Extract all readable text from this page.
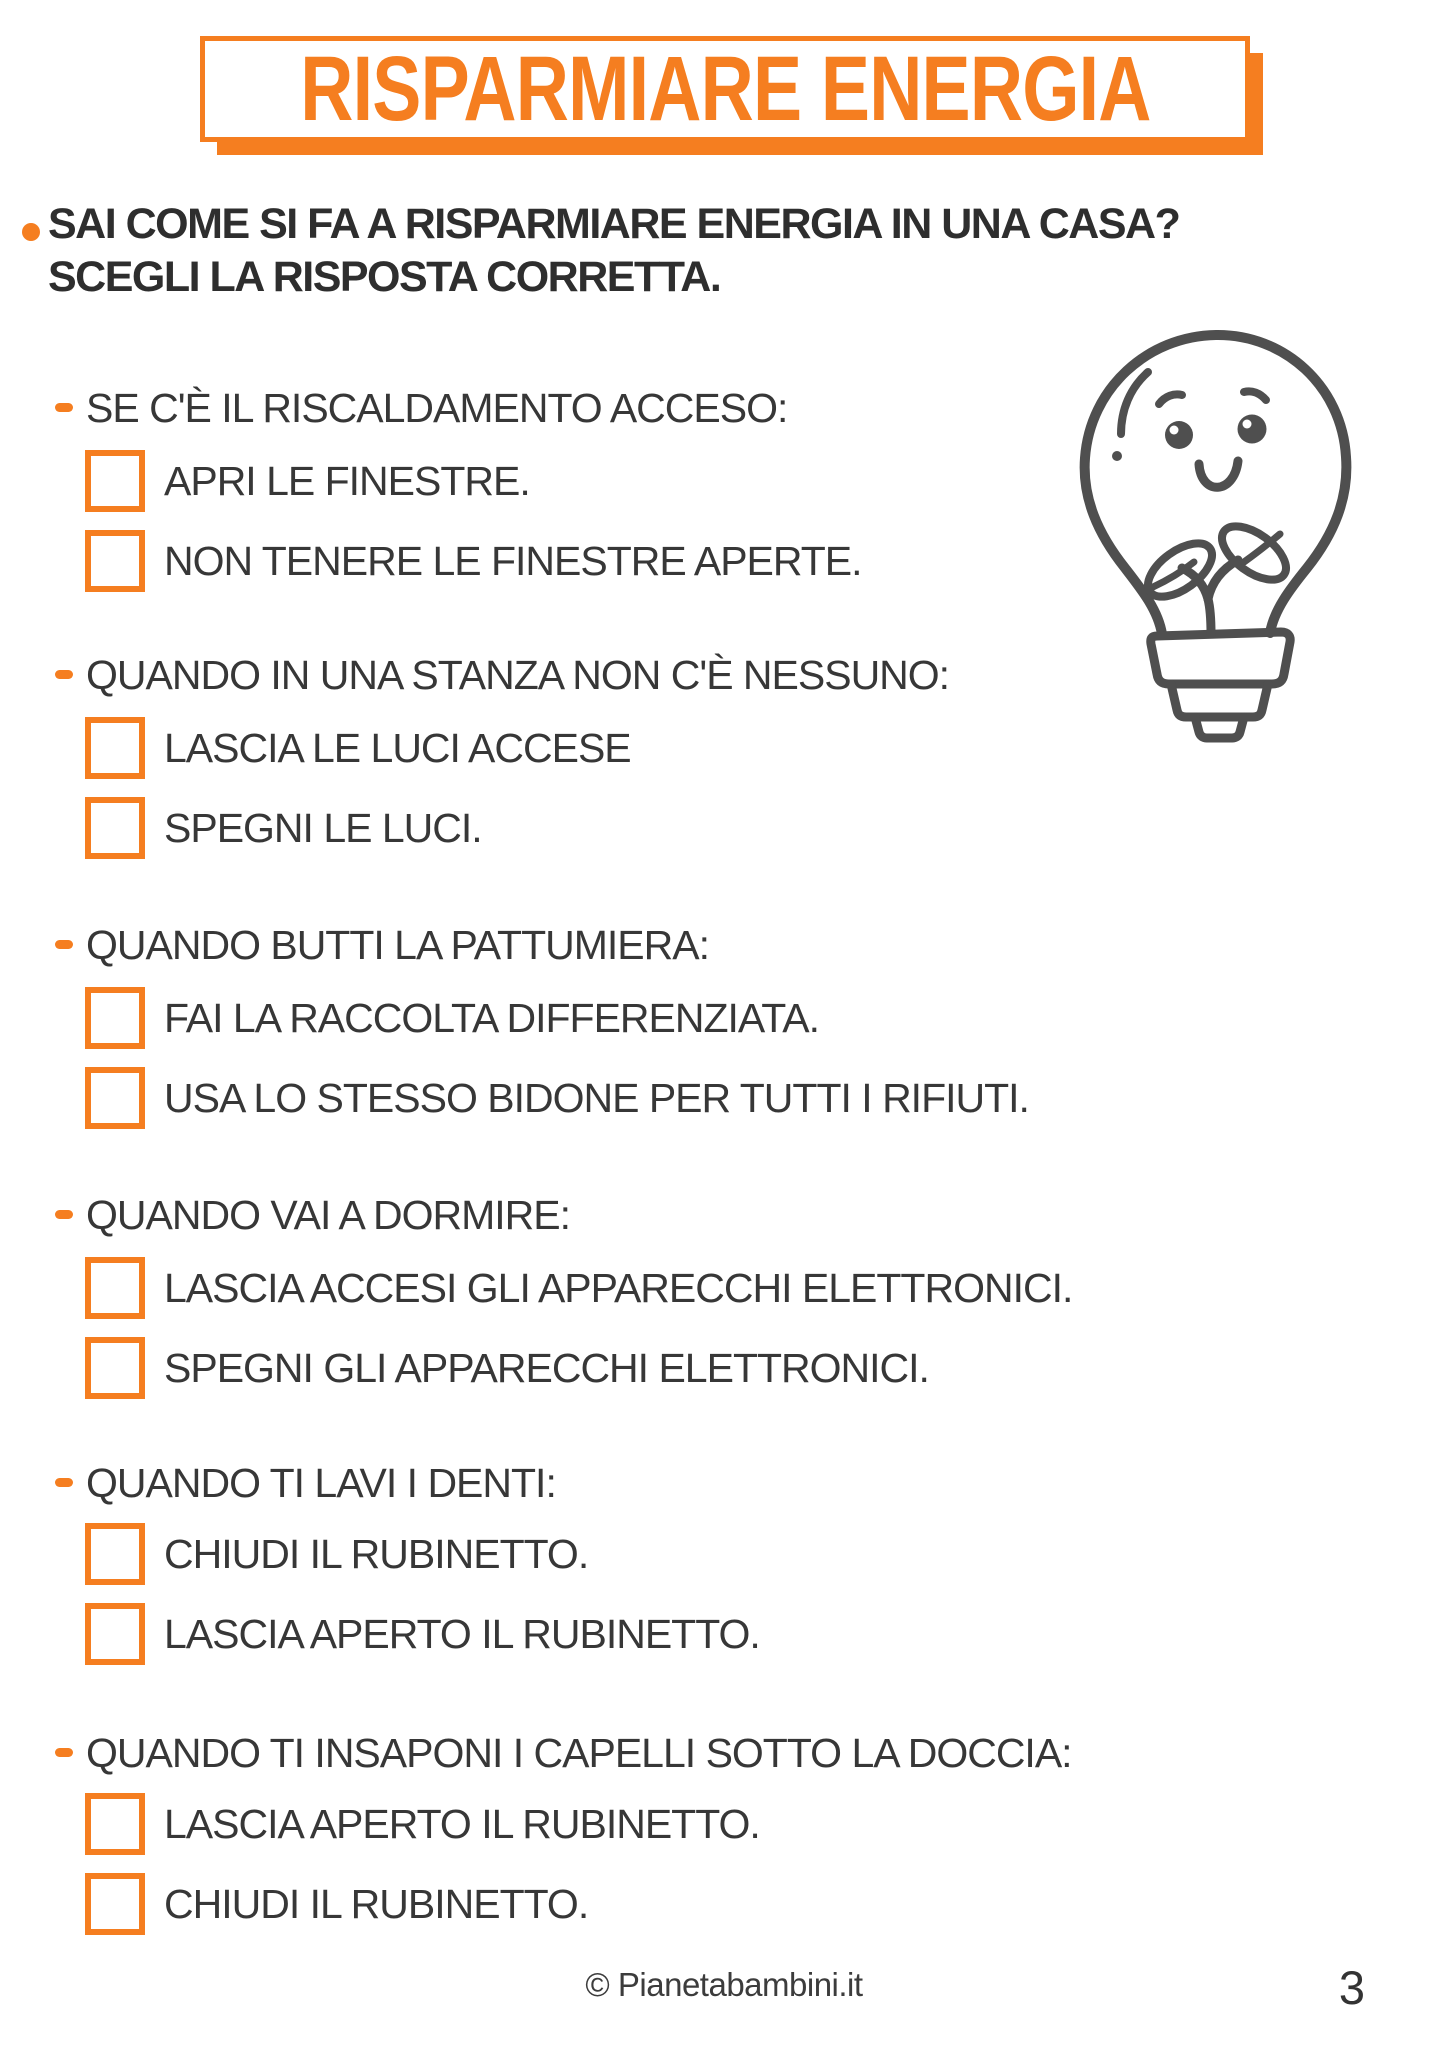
RISPARMIARE ENERGIA
SAI COME SI FA A RISPARMIARE ENERGIA IN UNA CASA?
SCEGLI LA RISPOSTA CORRETTA.
SE C'È IL RISCALDAMENTO ACCESO:
APRI LE FINESTRE.
NON TENERE LE FINESTRE APERTE.
QUANDO IN UNA STANZA NON C'È NESSUNO:
LASCIA LE LUCI ACCESE
SPEGNI LE LUCI.
QUANDO BUTTI LA PATTUMIERA:
FAI LA RACCOLTA DIFFERENZIATA.
USA LO STESSO BIDONE PER TUTTI I RIFIUTI.
QUANDO VAI A DORMIRE:
LASCIA ACCESI GLI APPARECCHI ELETTRONICI.
SPEGNI GLI APPARECCHI ELETTRONICI.
QUANDO TI LAVI I DENTI:
CHIUDI IL RUBINETTO.
LASCIA APERTO IL RUBINETTO.
QUANDO TI INSAPONI I CAPELLI SOTTO LA DOCCIA:
LASCIA APERTO IL RUBINETTO.
CHIUDI IL RUBINETTO.
© Pianetabambini.it	3
